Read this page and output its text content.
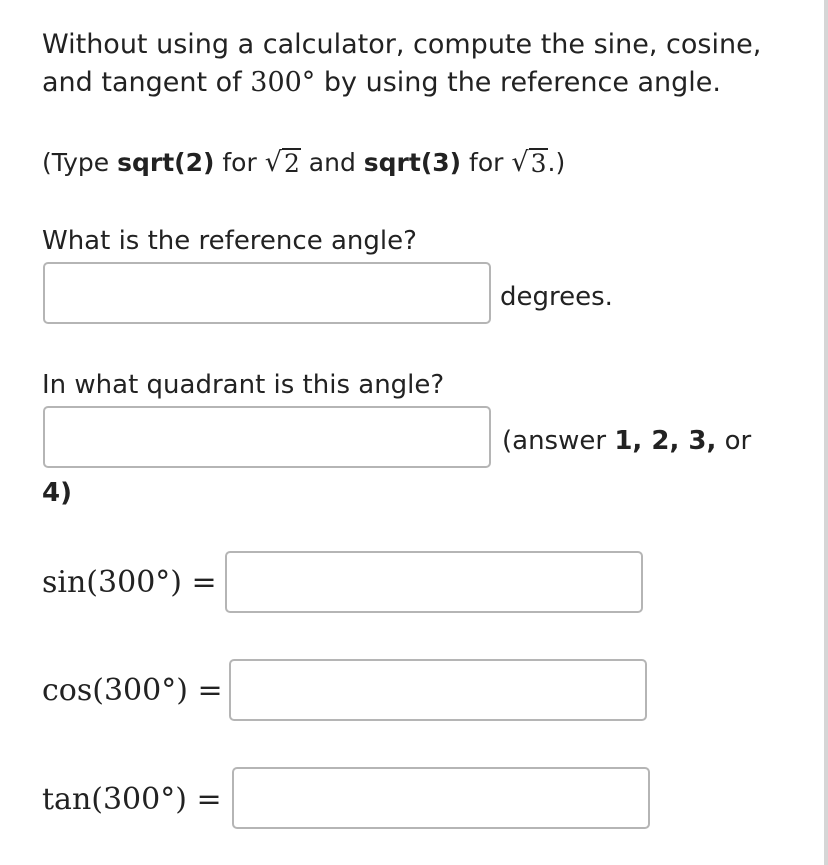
Without using a calculator, compute the sine, cosine,
and tangent of 300° by using the reference angle.
(Type sqrt(2) for √ 2 and sqrt(3) for √ 3 .)
What is the reference angle?
degrees.
In what quadrant is this angle?
(answer 1, 2, 3, or
4)
sin(300°) =
cos(300°) =
tan(300°) =
